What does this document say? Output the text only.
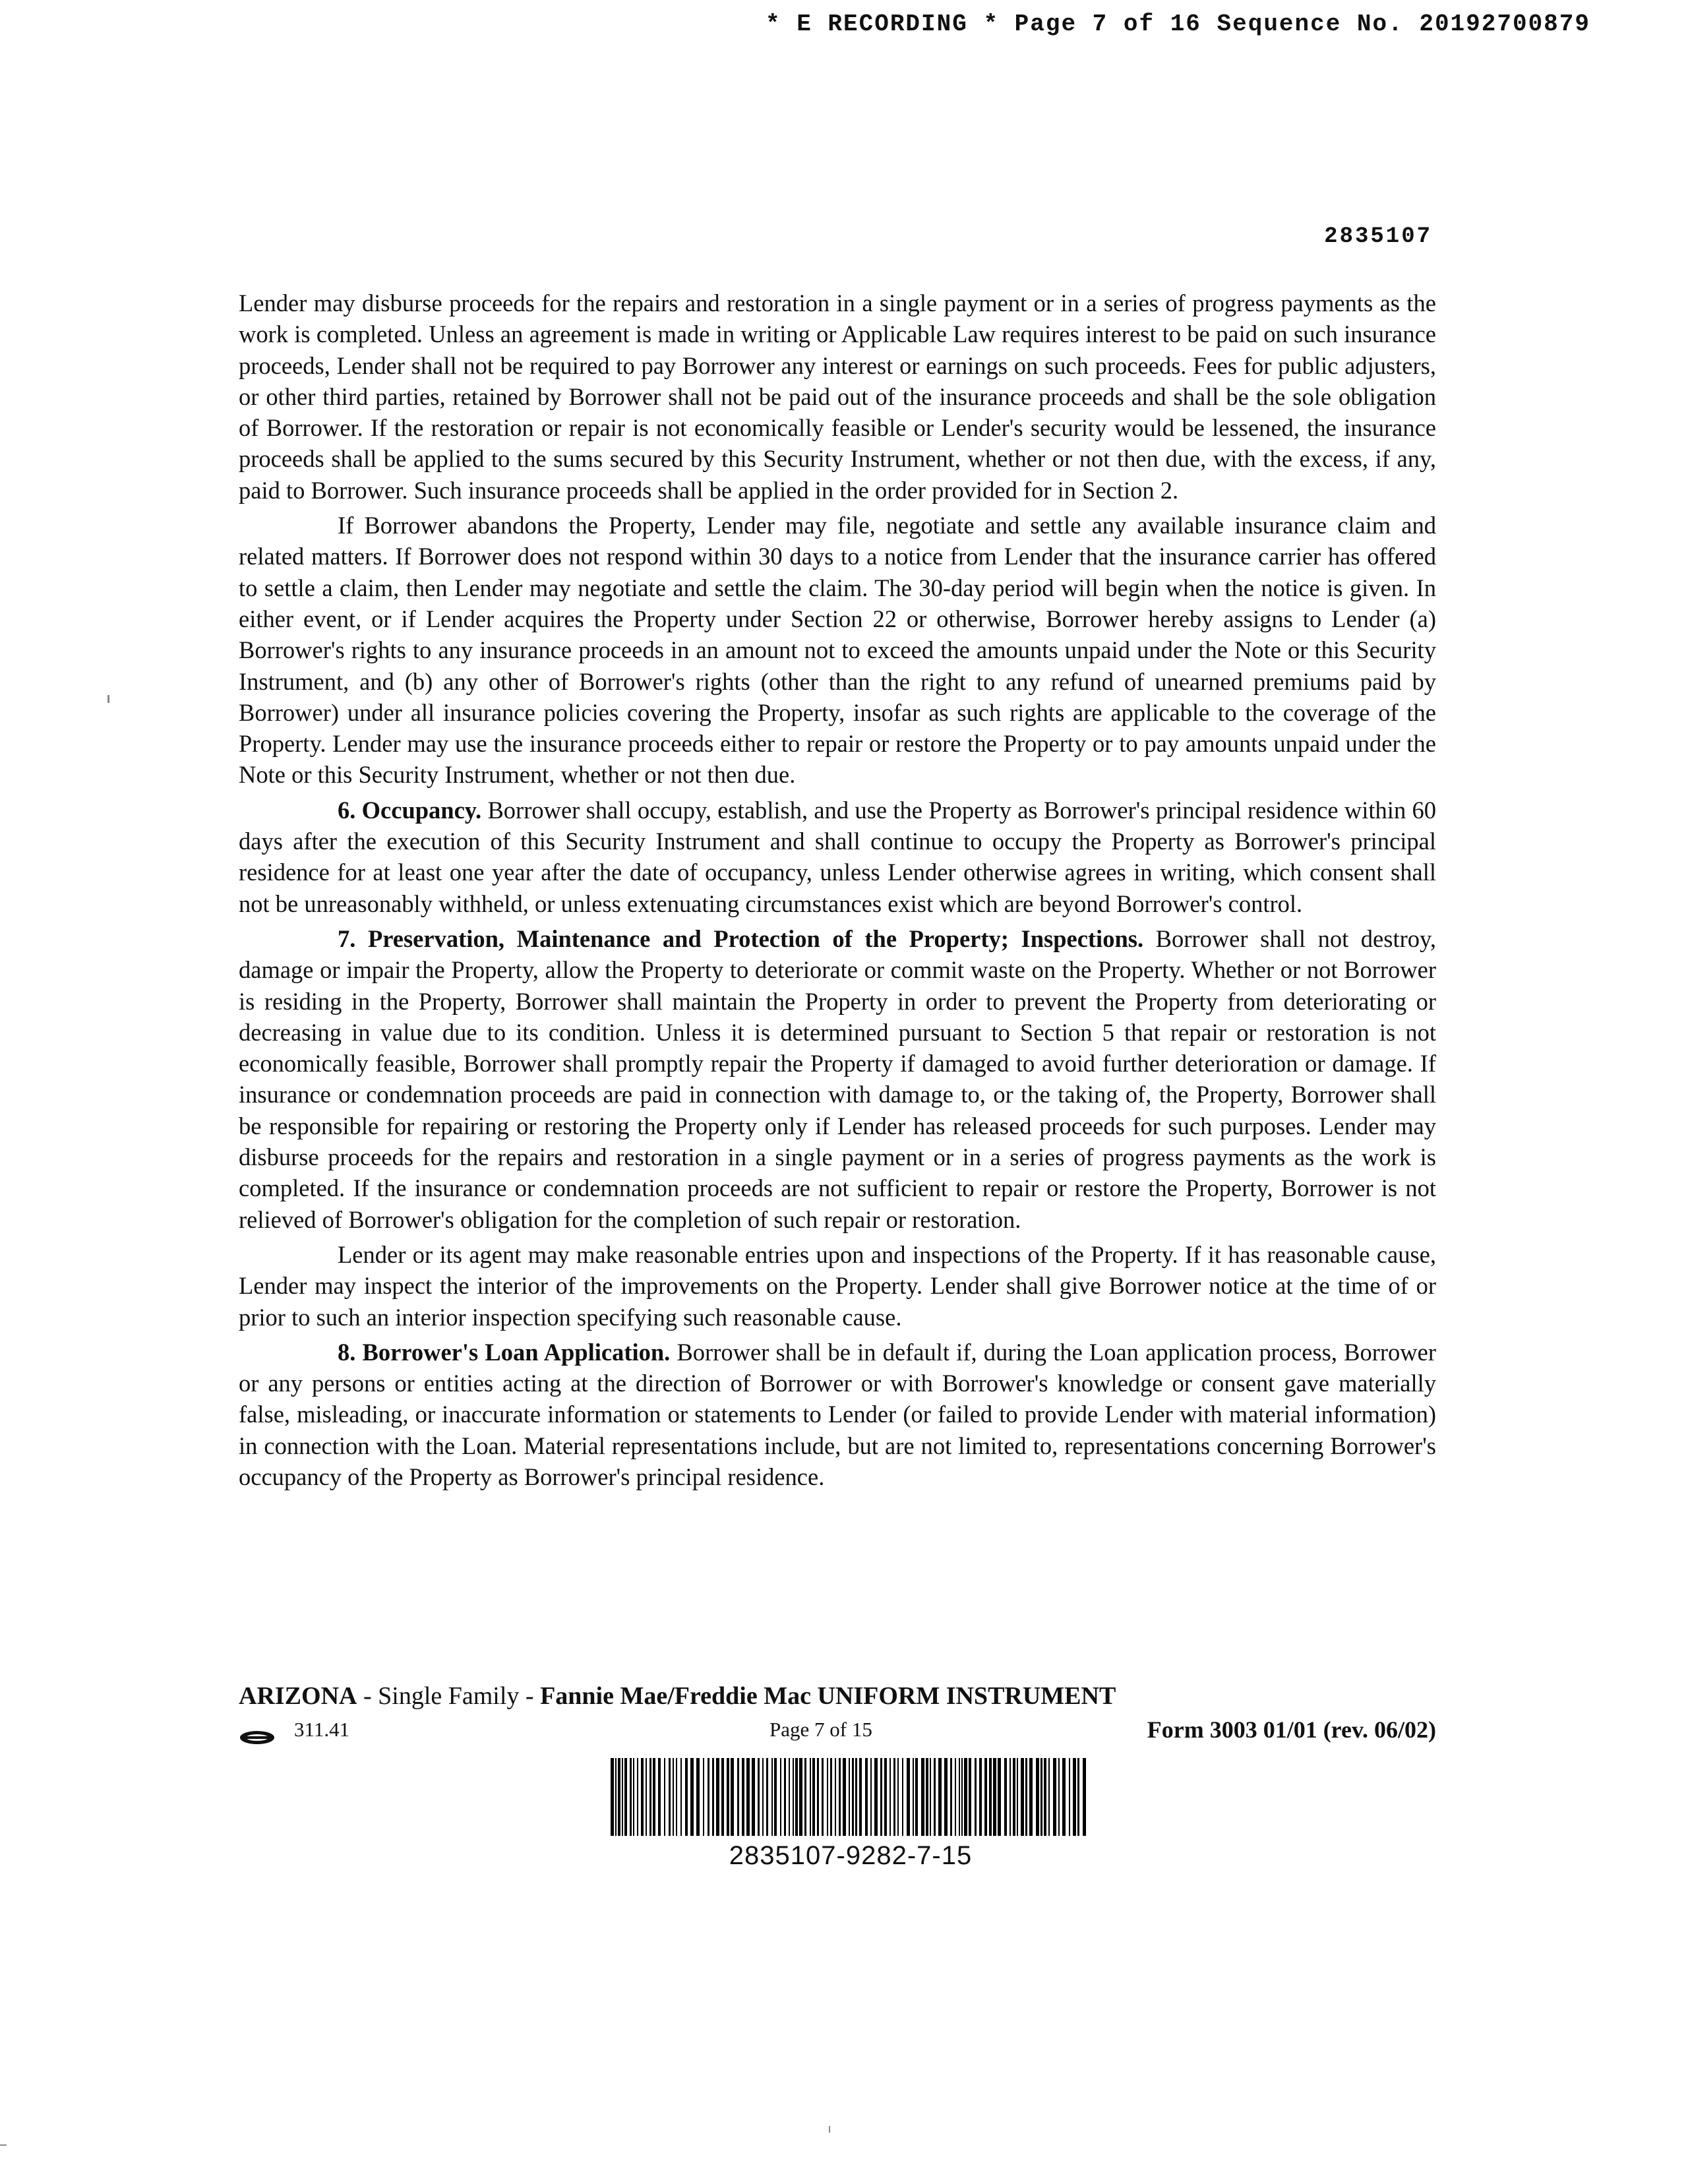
* E RECORDING * Page 7 of 16 Sequence No. 20192700879
2835107

Lender may disburse proceeds for the repairs and restoration in a single payment or in a series of progress payments as the work is completed. Unless an agreement is made in writing or Applicable Law requires interest to be paid on such insurance proceeds, Lender shall not be required to pay Borrower any interest or earnings on such proceeds. Fees for public adjusters, or other third parties, retained by Borrower shall not be paid out of the insurance proceeds and shall be the sole obligation of Borrower. If the restoration or repair is not economically feasible or Lender's security would be lessened, the insurance proceeds shall be applied to the sums secured by this Security Instrument, whether or not then due, with the excess, if any, paid to Borrower. Such insurance proceeds shall be applied in the order provided for in Section 2.

If Borrower abandons the Property, Lender may file, negotiate and settle any available insurance claim and related matters. If Borrower does not respond within 30 days to a notice from Lender that the insurance carrier has offered to settle a claim, then Lender may negotiate and settle the claim. The 30-day period will begin when the notice is given. In either event, or if Lender acquires the Property under Section 22 or otherwise, Borrower hereby assigns to Lender (a) Borrower's rights to any insurance proceeds in an amount not to exceed the amounts unpaid under the Note or this Security Instrument, and (b) any other of Borrower's rights (other than the right to any refund of unearned premiums paid by Borrower) under all insurance policies covering the Property, insofar as such rights are applicable to the coverage of the Property. Lender may use the insurance proceeds either to repair or restore the Property or to pay amounts unpaid under the Note or this Security Instrument, whether or not then due.

6. Occupancy. Borrower shall occupy, establish, and use the Property as Borrower's principal residence within 60 days after the execution of this Security Instrument and shall continue to occupy the Property as Borrower's principal residence for at least one year after the date of occupancy, unless Lender otherwise agrees in writing, which consent shall not be unreasonably withheld, or unless extenuating circumstances exist which are beyond Borrower's control.

7. Preservation, Maintenance and Protection of the Property; Inspections. Borrower shall not destroy, damage or impair the Property, allow the Property to deteriorate or commit waste on the Property. Whether or not Borrower is residing in the Property, Borrower shall maintain the Property in order to prevent the Property from deteriorating or decreasing in value due to its condition. Unless it is determined pursuant to Section 5 that repair or restoration is not economically feasible, Borrower shall promptly repair the Property if damaged to avoid further deterioration or damage. If insurance or condemnation proceeds are paid in connection with damage to, or the taking of, the Property, Borrower shall be responsible for repairing or restoring the Property only if Lender has released proceeds for such purposes. Lender may disburse proceeds for the repairs and restoration in a single payment or in a series of progress payments as the work is completed. If the insurance or condemnation proceeds are not sufficient to repair or restore the Property, Borrower is not relieved of Borrower's obligation for the completion of such repair or restoration.

Lender or its agent may make reasonable entries upon and inspections of the Property. If it has reasonable cause, Lender may inspect the interior of the improvements on the Property. Lender shall give Borrower notice at the time of or prior to such an interior inspection specifying such reasonable cause.

8. Borrower's Loan Application. Borrower shall be in default if, during the Loan application process, Borrower or any persons or entities acting at the direction of Borrower or with Borrower's knowledge or consent gave materially false, misleading, or inaccurate information or statements to Lender (or failed to provide Lender with material information) in connection with the Loan. Material representations include, but are not limited to, representations concerning Borrower's occupancy of the Property as Borrower's principal residence.

ARIZONA - Single Family - Fannie Mae/Freddie Mac UNIFORM INSTRUMENT
311.41	Page 7 of 15	Form 3003 01/01 (rev. 06/02)
2835107-9282-7-15
